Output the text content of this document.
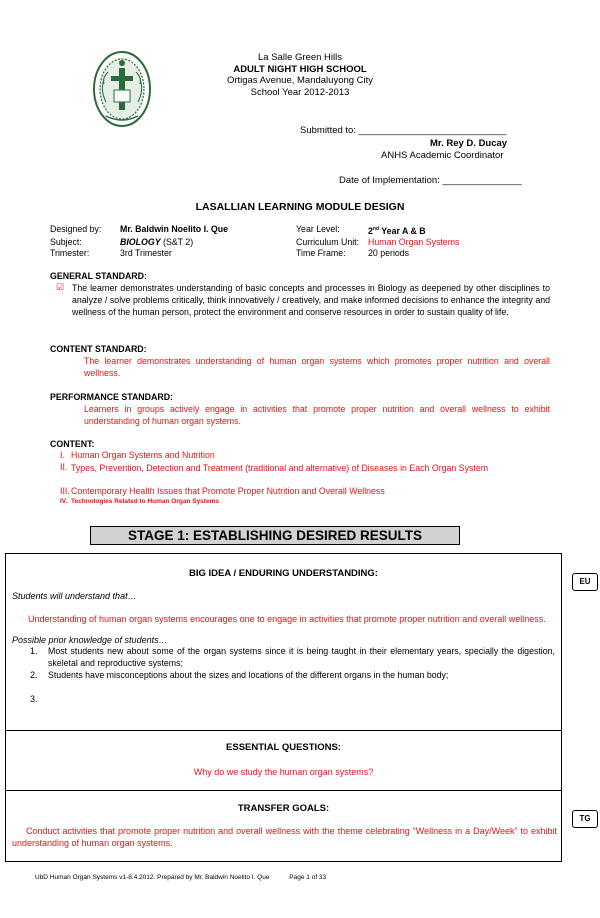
La Salle Green Hills
ADULT NIGHT HIGH SCHOOL
Ortigas Avenue, Mandaluyong City
School Year 2012-2013
Submitted to: ____________________________
Mr. Rey D. Ducay
ANHS Academic Coordinator
Date of Implementation: _______________
LASALLIAN LEARNING MODULE DESIGN
Designed by:	Mr. Baldwin Noelito I. Que	Year Level:	2nd Year A & B
Subject:	BIOLOGY (S&T 2)	Curriculum Unit:	Human Organ Systems
Trimester:	3rd Trimester	Time Frame:	20 periods
GENERAL STANDARD:
☑ The learner demonstrates understanding of basic concepts and processes in Biology as deepened by other disciplines to analyze / solve problems critically, think innovatively / creatively, and make informed decisions to enhance the integrity and wellness of the human person, protect the environment and conserve resources in order to sustain quality of life.
CONTENT STANDARD:
The learner demonstrates understanding of human organ systems which promotes proper nutrition and overall wellness.
PERFORMANCE STANDARD:
Learners in groups actively engage in activities that promote proper nutrition and overall wellness to exhibit understanding of human organ systems.
CONTENT:
I. Human Organ Systems and Nutrition
II. Types, Prevention, Detection and Treatment (traditional and alternative) of Diseases in Each Organ System
III. Contemporary Health Issues that Promote Proper Nutrition and Overall Wellness
IV. Technologies Related to Human Organ Systems
STAGE 1: ESTABLISHING DESIRED RESULTS
BIG IDEA / ENDURING UNDERSTANDING:
Students will understand that…
Understanding of human organ systems encourages one to engage in activities that promote proper nutrition and overall wellness.
Possible prior knowledge of students…
1. Most students new about some of the organ systems since it is being taught in their elementary years, specially the digestion, skeletal and reproductive systems;
2. Students have misconceptions about the sizes and locations of the different organs in the human body;
3.
EU
ESSENTIAL QUESTIONS:
Why do we study the human organ systems?
TRANSFER GOALS:
Conduct activities that promote proper nutrition and overall wellness with the theme celebrating “Wellness in a Day/Week” to exhibit understanding of human organ systems.
TG
UbD Human Organ Systems v1-8.4.2012. Prepared by Mr. Baldwin Noelito I. Que	Page 1 of 33
